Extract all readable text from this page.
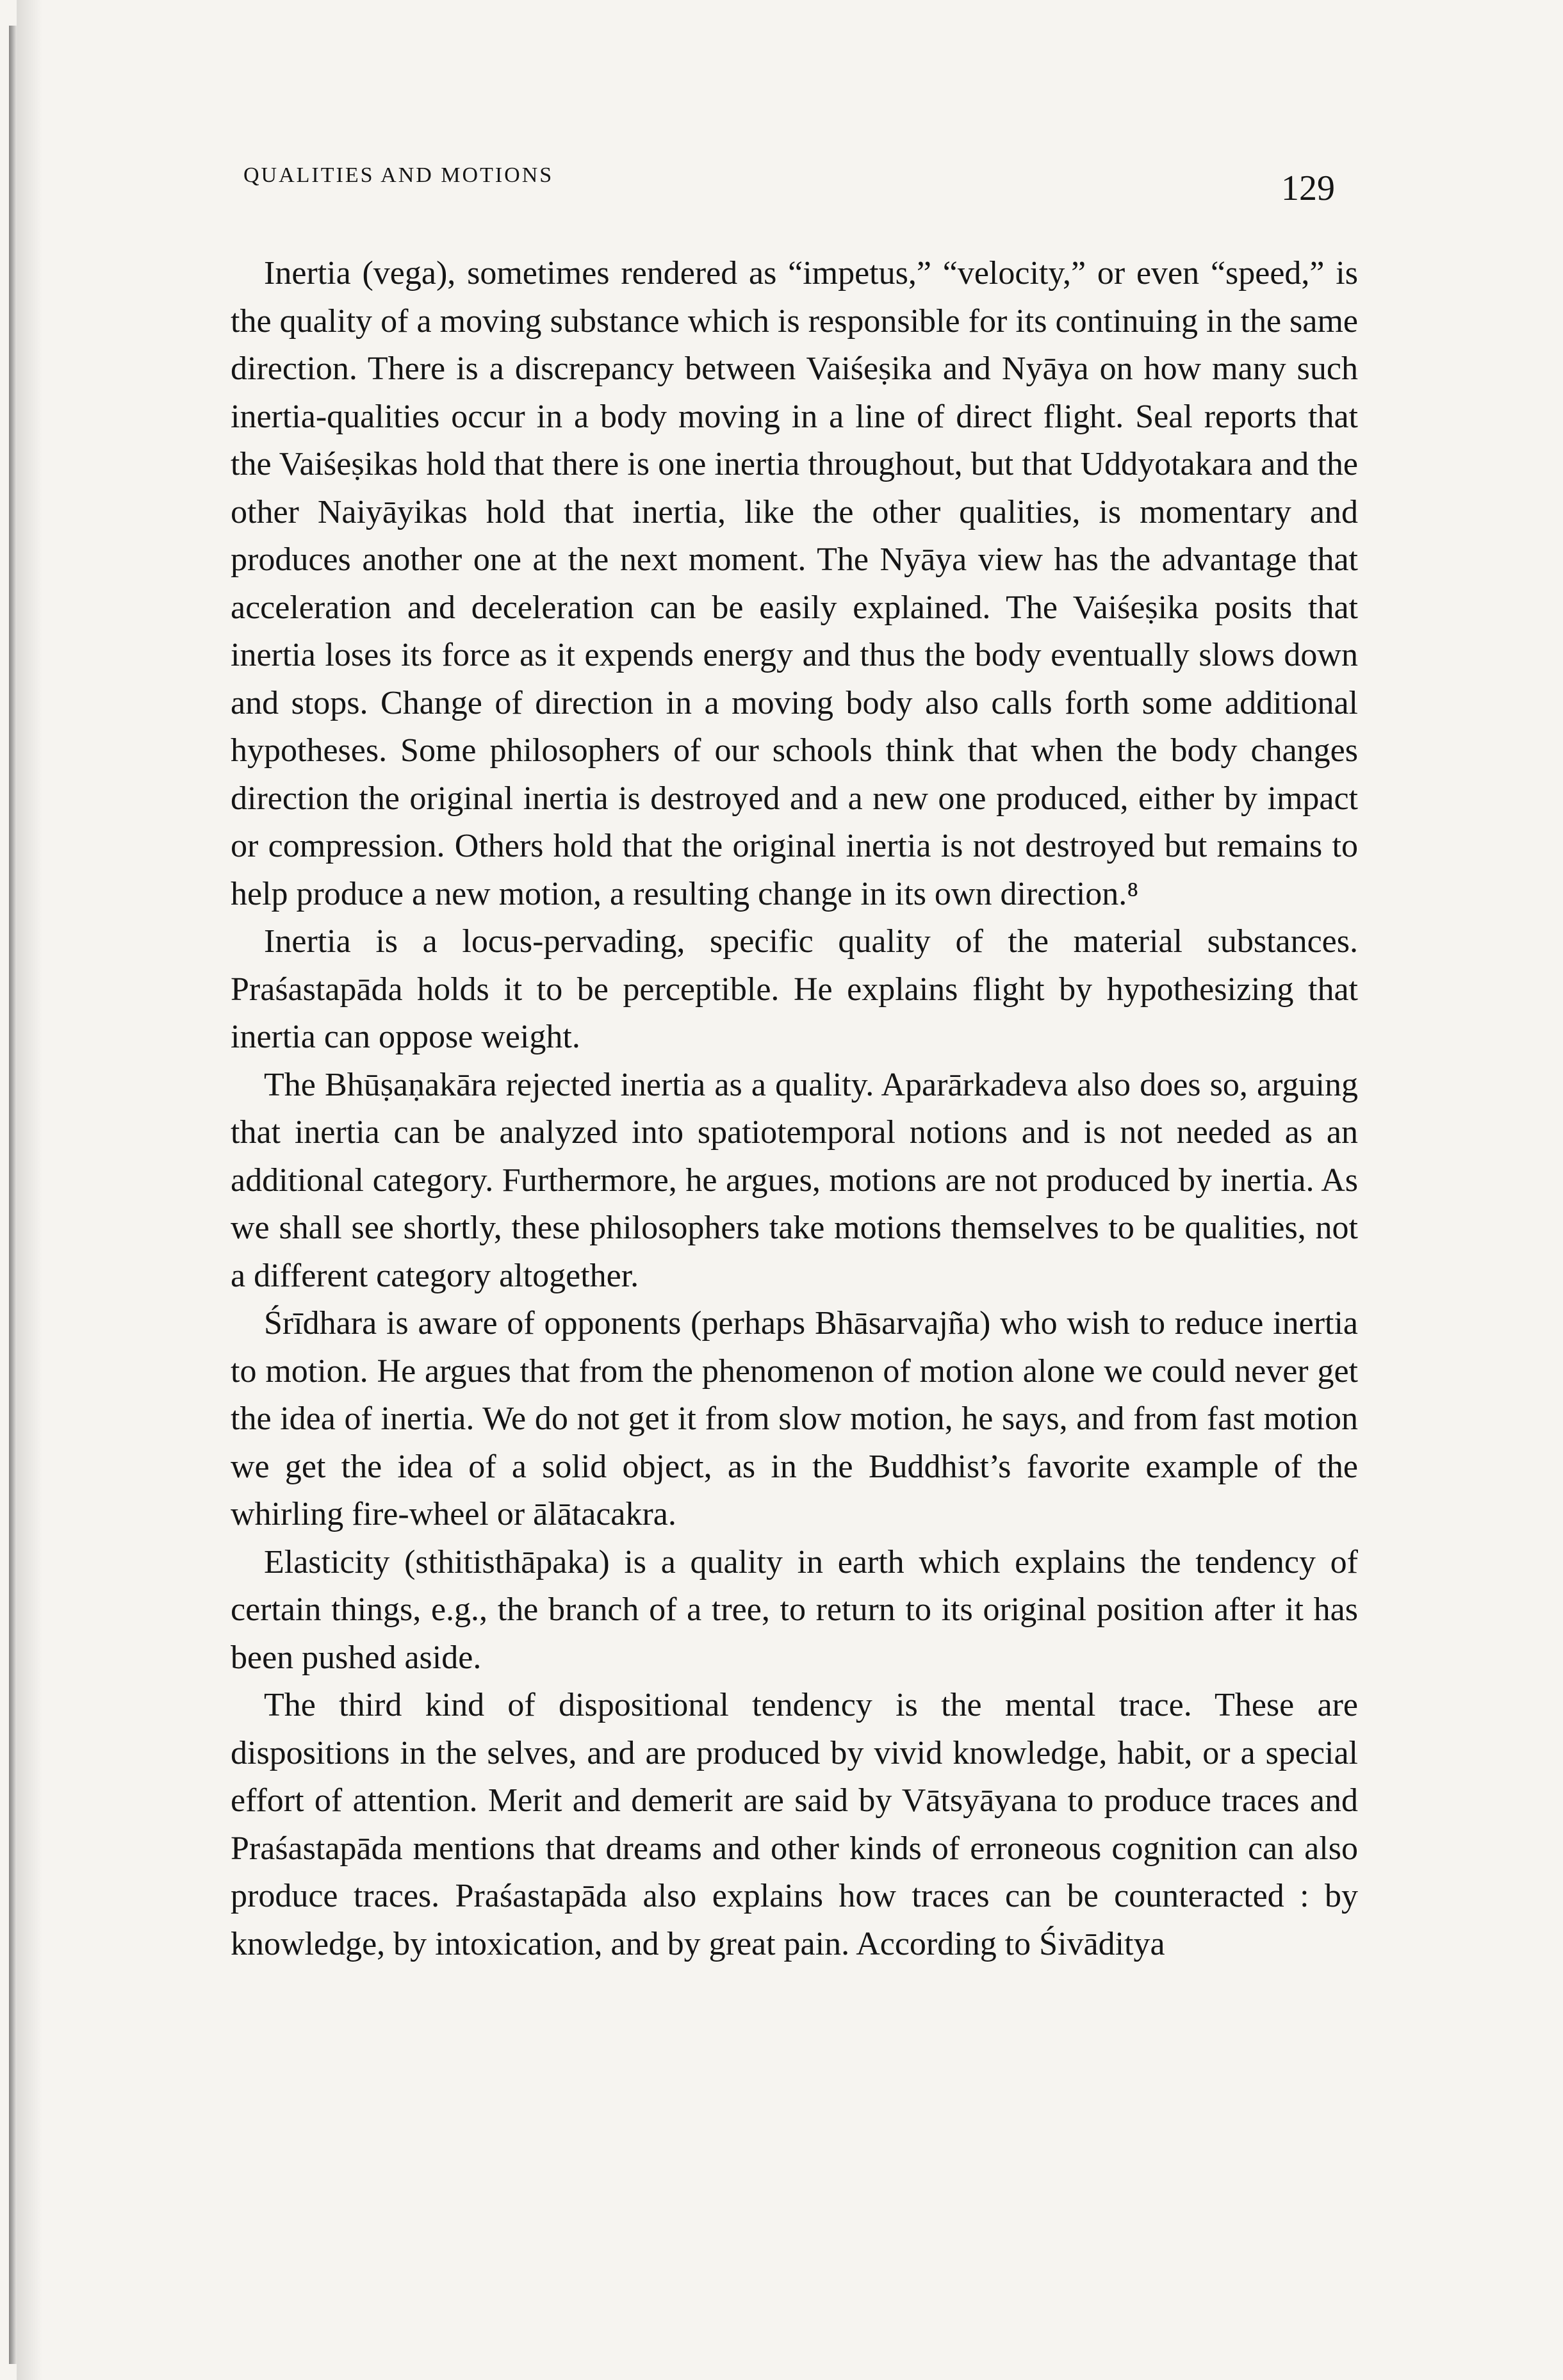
QUALITIES AND MOTIONS	129

Inertia (vega), sometimes rendered as “impetus,” “velocity,” or even “speed,” is the quality of a moving substance which is responsible for its continuing in the same direction. There is a discrepancy between Vaiśeṣika and Nyāya on how many such inertia-qualities occur in a body moving in a line of direct flight. Seal reports that the Vaiśeṣikas hold that there is one inertia throughout, but that Uddyotakara and the other Naiyāyikas hold that inertia, like the other qualities, is momentary and produces another one at the next moment. The Nyāya view has the advantage that acceleration and deceleration can be easily explained. The Vaiśeṣika posits that inertia loses its force as it expends energy and thus the body eventually slows down and stops. Change of direction in a moving body also calls forth some additional hypotheses. Some philosophers of our schools think that when the body changes direction the original inertia is destroyed and a new one produced, either by impact or compression. Others hold that the original inertia is not destroyed but remains to help produce a new motion, a resulting change in its own direction.⁸

Inertia is a locus-pervading, specific quality of the material substances. Praśastapāda holds it to be perceptible. He explains flight by hypothesizing that inertia can oppose weight.

The Bhūṣaṇakāra rejected inertia as a quality. Aparārkadeva also does so, arguing that inertia can be analyzed into spatiotemporal notions and is not needed as an additional category. Furthermore, he argues, motions are not produced by inertia. As we shall see shortly, these philosophers take motions themselves to be qualities, not a different category altogether.

Śrīdhara is aware of opponents (perhaps Bhāsarvajña) who wish to reduce inertia to motion. He argues that from the phenomenon of motion alone we could never get the idea of inertia. We do not get it from slow motion, he says, and from fast motion we get the idea of a solid object, as in the Buddhist’s favorite example of the whirling fire-wheel or ālātacakra.

Elasticity (sthitisthāpaka) is a quality in earth which explains the tendency of certain things, e.g., the branch of a tree, to return to its original position after it has been pushed aside.

The third kind of dispositional tendency is the mental trace. These are dispositions in the selves, and are produced by vivid knowledge, habit, or a special effort of attention. Merit and demerit are said by Vātsyāyana to produce traces and Praśastapāda mentions that dreams and other kinds of erroneous cognition can also produce traces. Praśastapāda also explains how traces can be counteracted : by knowledge, by intoxication, and by great pain. According to Śivāditya
